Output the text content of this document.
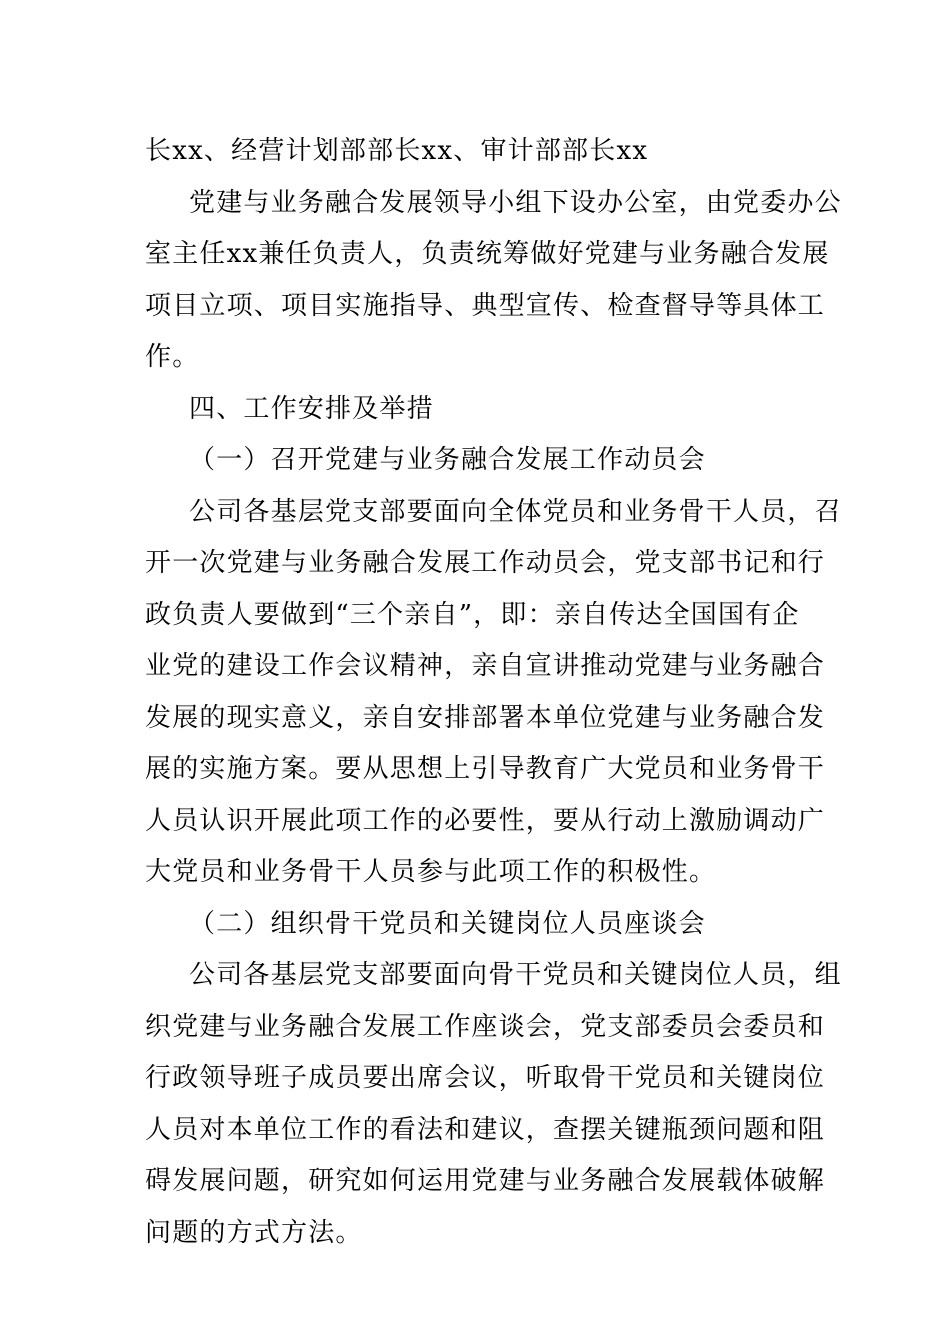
长xx、经营计划部部长xx、审计部部长xx
党建与业务融合发展领导小组下设办公室，由党委办公
室主任xx兼任负责人，负责统筹做好党建与业务融合发展
项目立项、项目实施指导、典型宣传、检查督导等具体工
作。
四、工作安排及举措
（一）召开党建与业务融合发展工作动员会
公司各基层党支部要面向全体党员和业务骨干人员，召
开一次党建与业务融合发展工作动员会，党支部书记和行
政负责人要做到“三个亲自”，即：亲自传达全国国有企
业党的建设工作会议精神，亲自宣讲推动党建与业务融合
发展的现实意义，亲自安排部署本单位党建与业务融合发
展的实施方案。要从思想上引导教育广大党员和业务骨干
人员认识开展此项工作的必要性，要从行动上激励调动广
大党员和业务骨干人员参与此项工作的积极性。
（二）组织骨干党员和关键岗位人员座谈会
公司各基层党支部要面向骨干党员和关键岗位人员，组
织党建与业务融合发展工作座谈会，党支部委员会委员和
行政领导班子成员要出席会议，听取骨干党员和关键岗位
人员对本单位工作的看法和建议，查摆关键瓶颈问题和阻
碍发展问题，研究如何运用党建与业务融合发展载体破解
问题的方式方法。
